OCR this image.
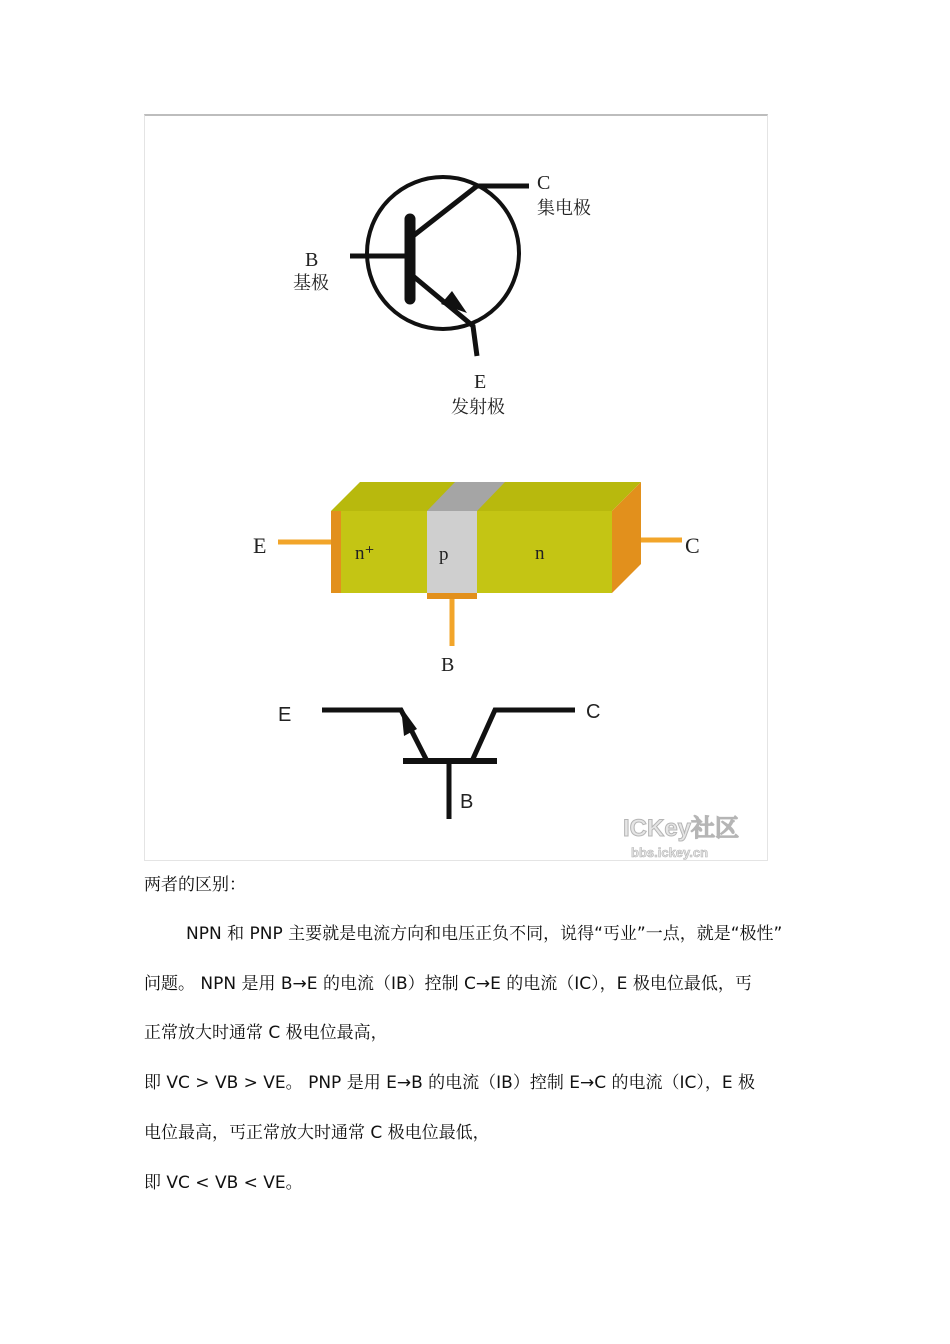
C
集电极
B
基极
E
发射极
n⁺	p	n
E	C
B
E	C
B
ICKey社区
bbs.ickey.cn
两者的区别：
NPN 和 PNP 主要就是电流方向和电压正负不同，说得“丐业”一点，就是“极性”
问题。 NPN 是用 B→E 的电流（IB）控制 C→E 的电流（IC），E 极电位最低，丐
正常放大时通常 C 极电位最高，
即 VC > VB > VE。 PNP 是用 E→B 的电流（IB）控制 E→C 的电流（IC），E 极
电位最高，丐正常放大时通常 C 极电位最低，
即 VC < VB < VE。
